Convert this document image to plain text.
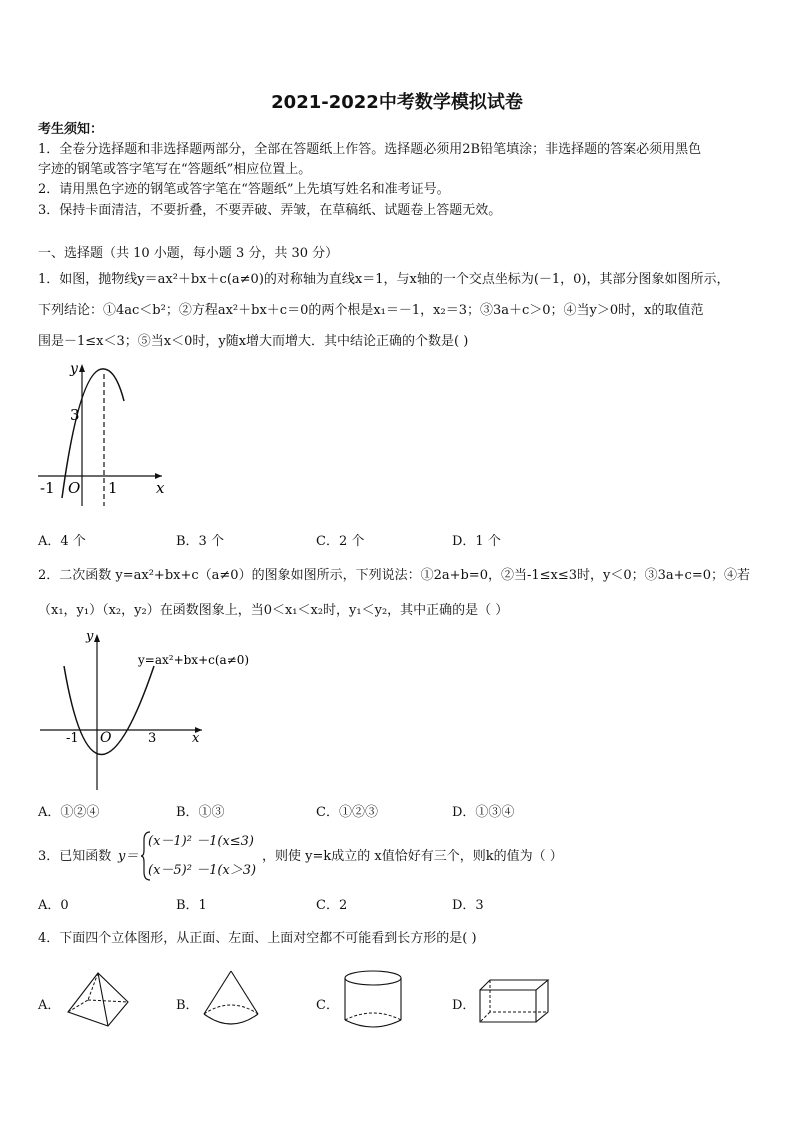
2021-2022中考数学模拟试卷
考生须知：
1．全卷分选择题和非选择题两部分，全部在答题纸上作答。选择题必须用2B铅笔填涂；非选择题的答案必须用黑色
字迹的钢笔或答字笔写在“答题纸”相应位置上。
2．请用黑色字迹的钢笔或答字笔在“答题纸”上先填写姓名和准考证号。
3．保持卡面清洁，不要折叠，不要弄破、弄皱，在草稿纸、试题卷上答题无效。
一、选择题（共 10 小题，每小题 3 分，共 30 分）
1．如图，抛物线y＝ax²＋bx＋c(a≠0)的对称轴为直线x＝1，与x轴的一个交点坐标为(－1，0)，其部分图象如图所示，
下列结论：①4ac＜b²；②方程ax²＋bx＋c＝0的两个根是x₁＝－1，x₂＝3；③3a＋c＞0；④当y＞0时，x的取值范
围是－1≤x＜3；⑤当x＜0时，y随x增大而增大．其中结论正确的个数是( )
y
3
-1 O 1	x
A．4 个	B．3 个	C．2 个	D．1 个
2．二次函数 y=ax²+bx+c（a≠0）的图象如图所示，下列说法：①2a+b=0，②当-1≤x≤3时，y＜0；③3a+c=0；④若
（x₁，y₁）（x₂，y₂）在函数图象上，当0＜x₁＜x₂时，y₁＜y₂，其中正确的是（ ）
y
y=ax²+bx+c(a≠0)
-1 O	3	x
A．①②④	B．①③	C．①②③	D．①③④
3．已知函数 y＝
(x－1)² －1(x≤3)
(x－5)² －1(x＞3)
，则使 y=k成立的 x值恰好有三个，则k的值为（ ）
A．0	B．1	C．2	D．3
4．下面四个立体图形，从正面、左面、上面对空都不可能看到长方形的是( )
A．	B．	C．	D．
